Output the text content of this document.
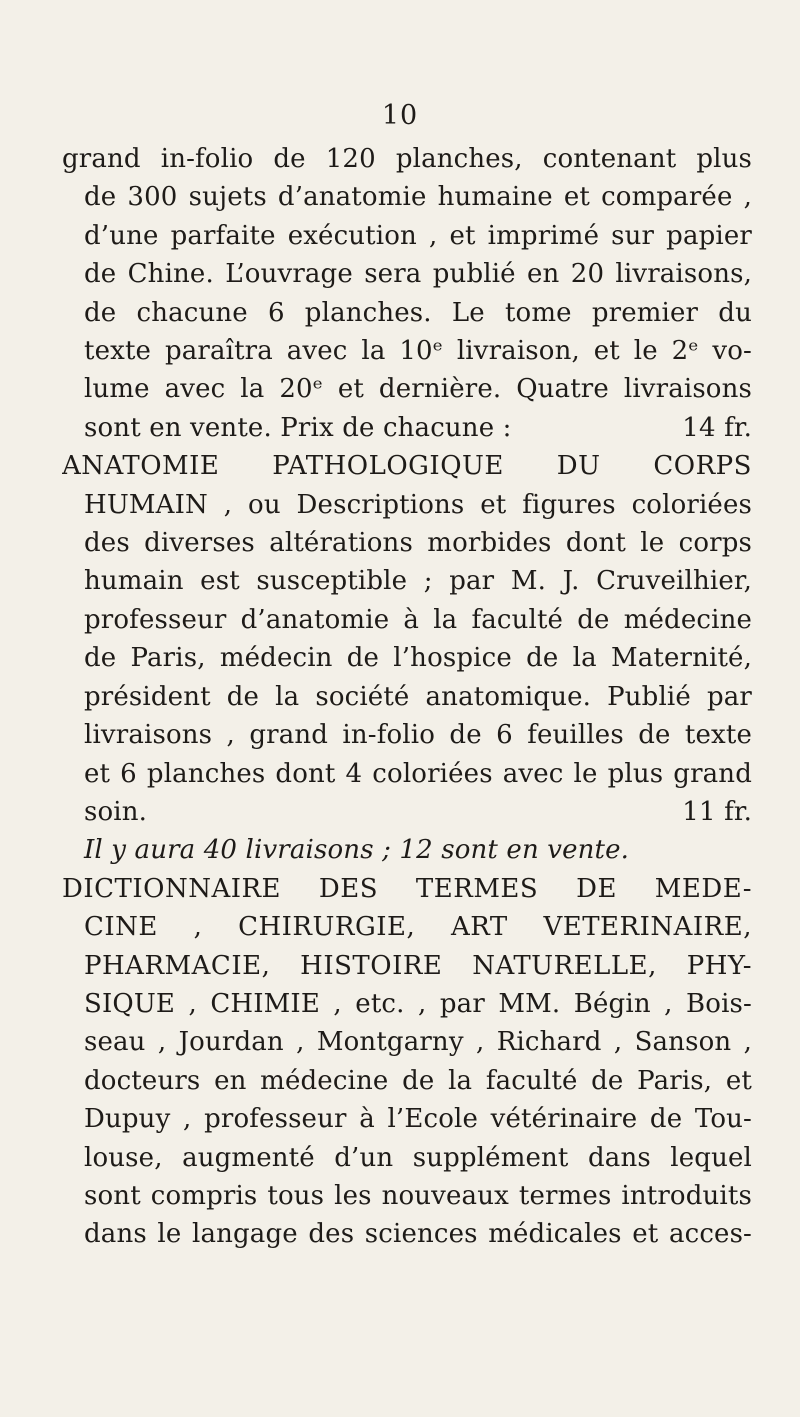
10
grand in-folio de 120 planches, contenant plus
de 300 sujets d’anatomie humaine et comparée ,
d’une parfaite exécution , et imprimé sur papier
de Chine. L’ouvrage sera publié en 20 livraisons,
de chacune 6 planches. Le tome premier du
texte paraîtra avec la 10ᵉ livraison, et le 2ᵉ vo-
lume avec la 20ᵉ et dernière. Quatre livraisons
sont en vente. Prix de chacune :	14 fr.
ANATOMIE PATHOLOGIQUE DU CORPS
HUMAIN , ou Descriptions et figures coloriées
des diverses altérations morbides dont le corps
humain est susceptible ; par M. J. Cruveilhier,
professeur d’anatomie à la faculté de médecine
de Paris, médecin de l’hospice de la Maternité,
président de la société anatomique. Publié par
livraisons , grand in-folio de 6 feuilles de texte
et 6 planches dont 4 coloriées avec le plus grand
soin.	11 fr.
Il y aura 40 livraisons ; 12 sont en vente.
DICTIONNAIRE DES TERMES DE MEDE-
CINE , CHIRURGIE, ART VETERINAIRE,
PHARMACIE, HISTOIRE NATURELLE, PHY-
SIQUE , CHIMIE , etc. , par MM. Bégin , Bois-
seau , Jourdan , Montgarny , Richard , Sanson ,
docteurs en médecine de la faculté de Paris, et
Dupuy , professeur à l’Ecole vétérinaire de Tou-
louse, augmenté d’un supplément dans lequel
sont compris tous les nouveaux termes introduits
dans le langage des sciences médicales et acces-
